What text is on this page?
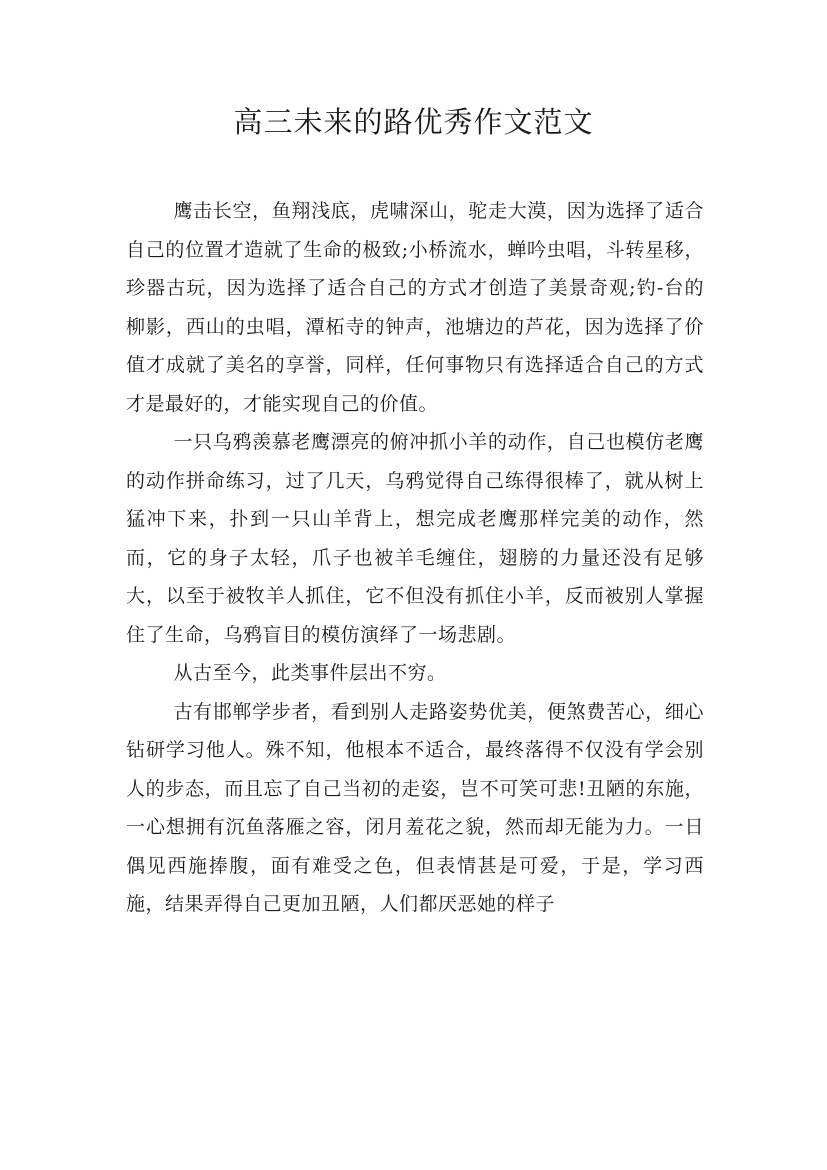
高三未来的路优秀作文范文

鹰击长空，鱼翔浅底，虎啸深山，驼走大漠，因为选择了适合自己的位置才造就了生命的极致;小桥流水，蝉吟虫唱，斗转星移，珍器古玩，因为选择了适合自己的方式才创造了美景奇观;钓-台的柳影，西山的虫唱，潭柘寺的钟声，池塘边的芦花，因为选择了价值才成就了美名的享誉，同样，任何事物只有选择适合自己的方式才是最好的，才能实现自己的价值。

一只乌鸦羡慕老鹰漂亮的俯冲抓小羊的动作，自己也模仿老鹰的动作拼命练习，过了几天，乌鸦觉得自己练得很棒了，就从树上猛冲下来，扑到一只山羊背上，想完成老鹰那样完美的动作，然而，它的身子太轻，爪子也被羊毛缠住，翅膀的力量还没有足够大，以至于被牧羊人抓住，它不但没有抓住小羊，反而被别人掌握住了生命，乌鸦盲目的模仿演绎了一场悲剧。

从古至今，此类事件层出不穷。

古有邯郸学步者，看到别人走路姿势优美，便煞费苦心，细心钻研学习他人。殊不知，他根本不适合，最终落得不仅没有学会别人的步态，而且忘了自己当初的走姿，岂不可笑可悲!丑陋的东施，一心想拥有沉鱼落雁之容，闭月羞花之貌，然而却无能为力。一日偶见西施捧腹，面有难受之色，但表情甚是可爱，于是，学习西施，结果弄得自己更加丑陋，人们都厌恶她的样子
